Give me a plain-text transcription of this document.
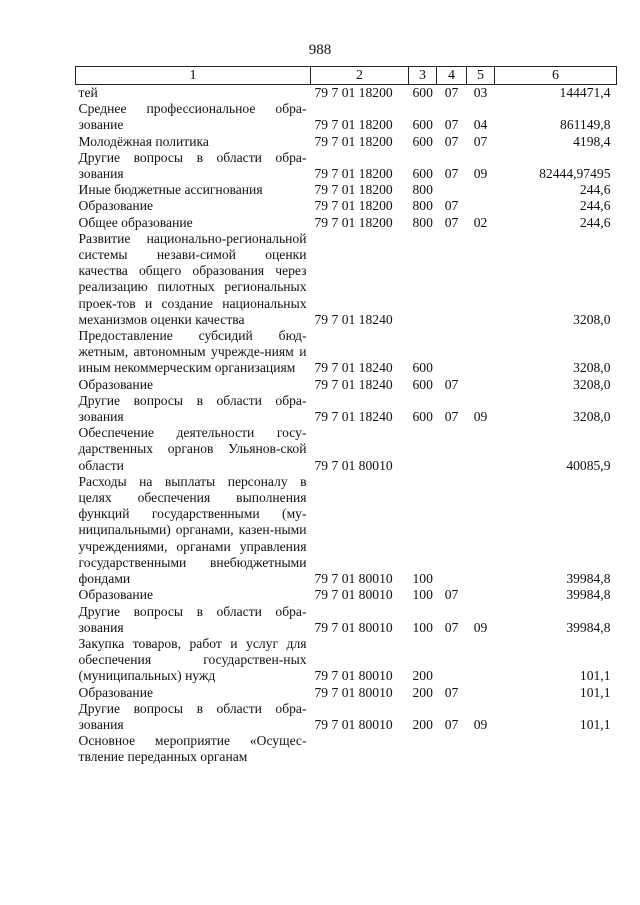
988
1	2	3	4	5	6
тей	79 7 01 18200	600	07	03	144471,4
Среднее профессиональное обра-зование	79 7 01 18200	600	07	04	861149,8
Молодёжная политика	79 7 01 18200	600	07	07	4198,4
Другие вопросы в области обра-зования	79 7 01 18200	600	07	09	82444,97495
Иные бюджетные ассигнования	79 7 01 18200	800			244,6
Образование	79 7 01 18200	800	07		244,6
Общее образование	79 7 01 18200	800	07	02	244,6
Развитие национально-региональной системы незави-симой оценки качества общего образования через реализацию пилотных региональных проек-тов и создание национальных механизмов оценки качества	79 7 01 18240				3208,0
Предоставление субсидий бюд-жетным, автономным учрежде-ниям и иным некоммерческим организациям	79 7 01 18240	600			3208,0
Образование	79 7 01 18240	600	07		3208,0
Другие вопросы в области обра-зования	79 7 01 18240	600	07	09	3208,0
Обеспечение деятельности госу-дарственных органов Ульянов-ской области	79 7 01 80010				40085,9
Расходы на выплаты персоналу в целях обеспечения выполнения функций государственными (му-ниципальными) органами, казен-ными учреждениями, органами управления государственными внебюджетными фондами	79 7 01 80010	100			39984,8
Образование	79 7 01 80010	100	07		39984,8
Другие вопросы в области обра-зования	79 7 01 80010	100	07	09	39984,8
Закупка товаров, работ и услуг для обеспечения государствен-ных (муниципальных) нужд	79 7 01 80010	200			101,1
Образование	79 7 01 80010	200	07		101,1
Другие вопросы в области обра-зования	79 7 01 80010	200	07	09	101,1
Основное мероприятие «Осущес-твление переданных органам					
